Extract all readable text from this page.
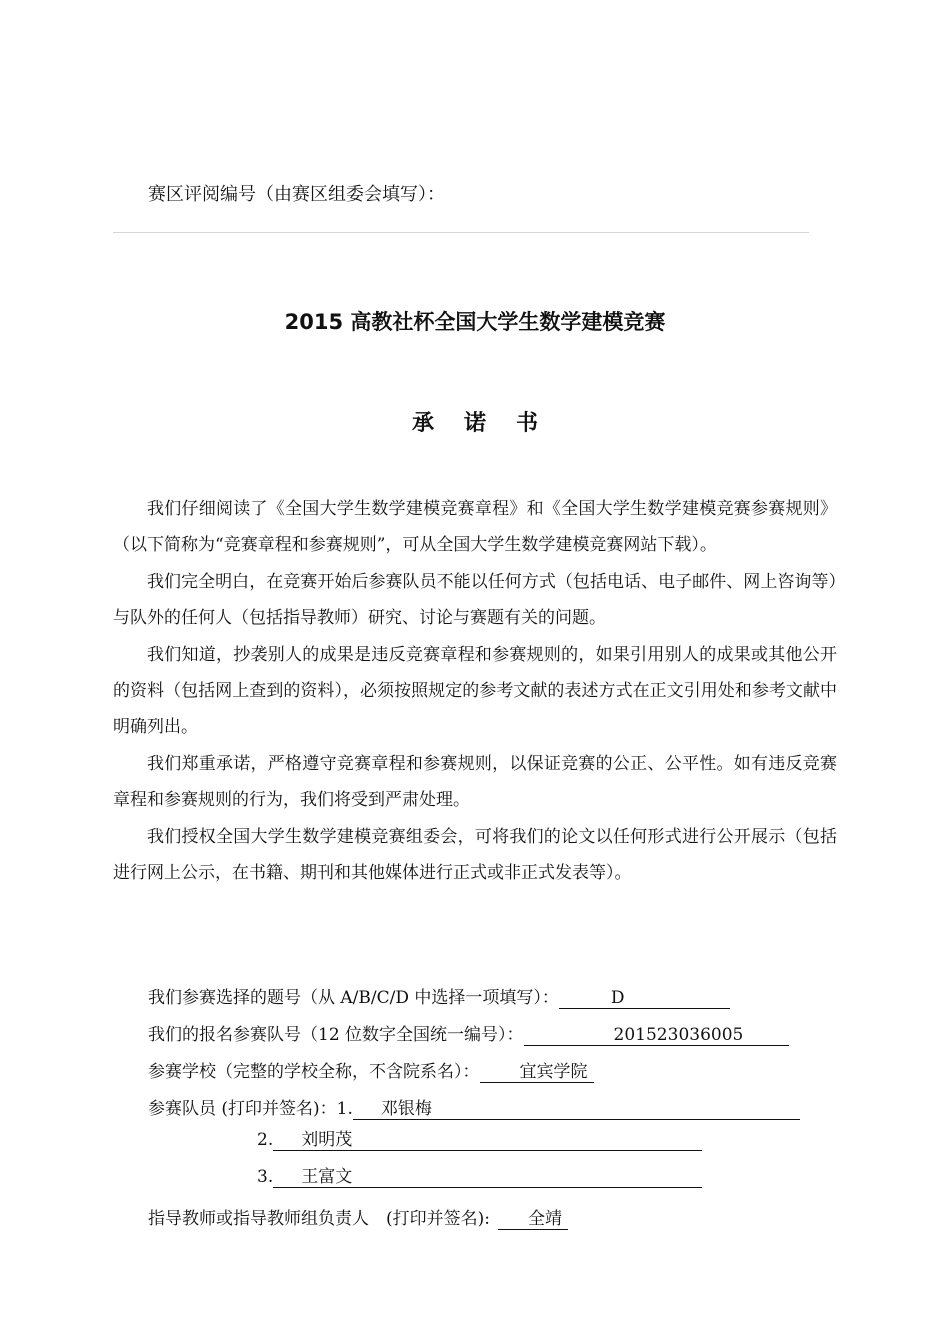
赛区评阅编号（由赛区组委会填写）：
2015 高教社杯全国大学生数学建模竞赛
承诺书

我们仔细阅读了《全国大学生数学建模竞赛章程》和《全国大学生数学建模竞赛参赛规则》（以下简称为“竞赛章程和参赛规则”，可从全国大学生数学建模竞赛网站下载）。

我们完全明白，在竞赛开始后参赛队员不能以任何方式（包括电话、电子邮件、网上咨询等）与队外的任何人（包括指导教师）研究、讨论与赛题有关的问题。

我们知道，抄袭别人的成果是违反竞赛章程和参赛规则的，如果引用别人的成果或其他公开的资料（包括网上查到的资料），必须按照规定的参考文献的表述方式在正文引用处和参考文献中明确列出。

我们郑重承诺，严格遵守竞赛章程和参赛规则，以保证竞赛的公正、公平性。如有违反竞赛章程和参赛规则的行为，我们将受到严肃处理。

我们授权全国大学生数学建模竞赛组委会，可将我们的论文以任何形式进行公开展示（包括进行网上公示，在书籍、期刊和其他媒体进行正式或非正式发表等）。

我们参赛选择的题号（从 A/B/C/D 中选择一项填写）：	D
我们的报名参赛队号（12 位数字全国统一编号）：	201523036005
参赛学校（完整的学校全称，不含院系名）： 宜宾学院
参赛队员 (打印并签名)：1. 邓银梅
2. 刘明茂
3. 王富文
指导教师或指导教师组负责人　(打印并签名): 全靖
